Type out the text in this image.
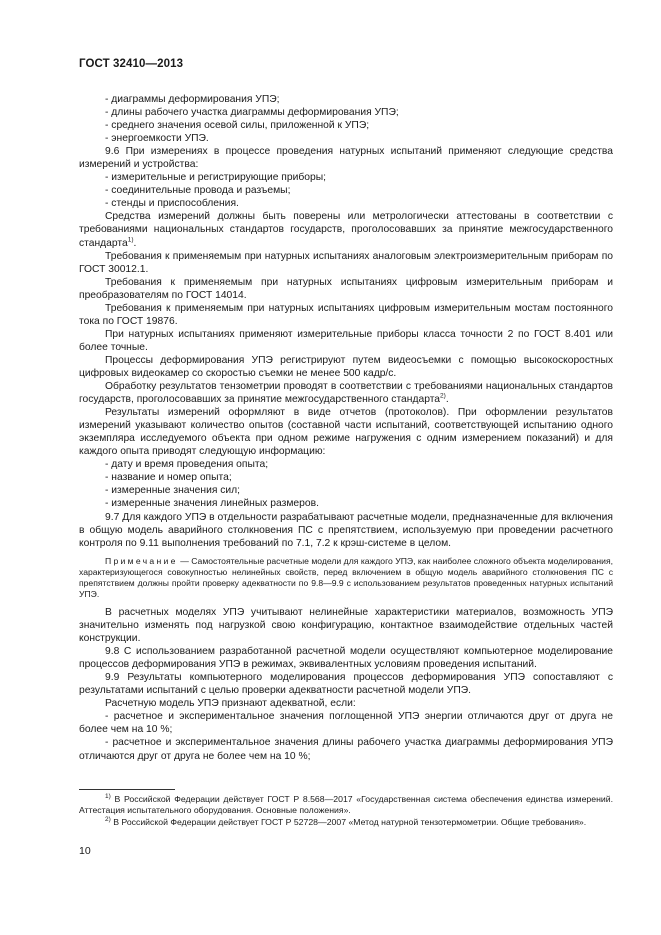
ГОСТ 32410—2013

- диаграммы деформирования УПЭ;

- длины рабочего участка диаграммы деформирования УПЭ;

- среднего значения осевой силы, приложенной к УПЭ;

- энергоемкости УПЭ.

9.6 При измерениях в процессе проведения натурных испытаний применяют следующие средства измерений и устройства:

- измерительные и регистрирующие приборы;

- соединительные провода и разъемы;

- стенды и приспособления.

Средства измерений должны быть поверены или метрологически аттестованы в соответствии с требованиями национальных стандартов государств, проголосовавших за принятие межгосударственного стандарта$^{1)}$.

Требования к применяемым при натурных испытаниях аналоговым электроизмерительным приборам по ГОСТ 30012.1.

Требования к применяемым при натурных испытаниях цифровым измерительным приборам и преобразователям по ГОСТ 14014.

Требования к применяемым при натурных испытаниях цифровым измерительным мостам постоянного тока по ГОСТ 19876.

При натурных испытаниях применяют измерительные приборы класса точности 2 по ГОСТ 8.401 или более точные.

Процессы деформирования УПЭ регистрируют путем видеосъемки с помощью высокоскоростных цифровых видеокамер со скоростью съемки не менее 500 кадр/с.

Обработку результатов тензометрии проводят в соответствии с требованиями национальных стандартов государств, проголосовавших за принятие межгосударственного стандарта$^{2)}$.

Результаты измерений оформляют в виде отчетов (протоколов). При оформлении результатов измерений указывают количество опытов (составной части испытаний, соответствующей испытанию одного экземпляра исследуемого объекта при одном режиме нагружения с одним измерением показаний) и для каждого опыта приводят следующую информацию:

- дату и время проведения опыта;

- название и номер опыта;

- измеренные значения сил;

- измеренные значения линейных размеров.

9.7 Для каждого УПЭ в отдельности разрабатывают расчетные модели, предназначенные для включения в общую модель аварийного столкновения ПС с препятствием, используемую при проведении расчетного контроля по 9.11 выполнения требований по 7.1, 7.2 к крэш-системе в целом.

Примечание — Самостоятельные расчетные модели для каждого УПЭ, как наиболее сложного объекта моделирования, характеризующегося совокупностью нелинейных свойств, перед включением в общую модель аварийного столкновения ПС с препятствием должны пройти проверку адекватности по 9.8—9.9 с использованием результатов проведенных натурных испытаний УПЭ.

В расчетных моделях УПЭ учитывают нелинейные характеристики материалов, возможность УПЭ значительно изменять под нагрузкой свою конфигурацию, контактное взаимодействие отдельных частей конструкции.

9.8 С использованием разработанной расчетной модели осуществляют компьютерное моделирование процессов деформирования УПЭ в режимах, эквивалентных условиям проведения испытаний.

9.9 Результаты компьютерного моделирования процессов деформирования УПЭ сопоставляют с результатами испытаний с целью проверки адекватности расчетной модели УПЭ.

Расчетную модель УПЭ признают адекватной, если:

- расчетное и экспериментальное значения поглощенной УПЭ энергии отличаются друг от друга не более чем на 10 %;

- расчетное и экспериментальное значения длины рабочего участка диаграммы деформирования УПЭ отличаются друг от друга не более чем на 10 %;

$^{1)}$ В Российской Федерации действует ГОСТ Р 8.568—2017 «Государственная система обеспечения единства измерений. Аттестация испытательного оборудования. Основные положения».

$^{2)}$ В Российской Федерации действует ГОСТ Р 52728—2007 «Метод натурной тензотермометрии. Общие требования».

10
